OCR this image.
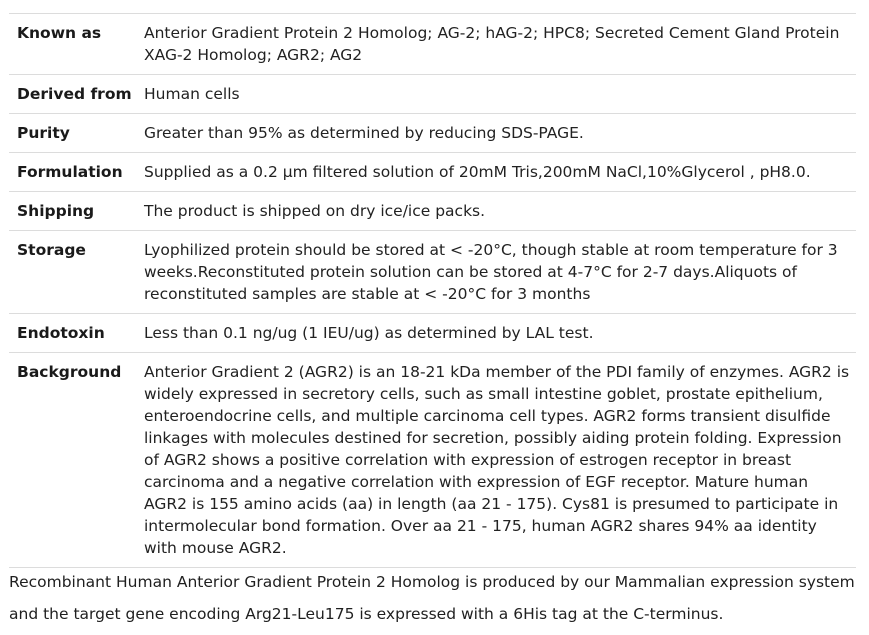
Known as	Anterior Gradient Protein 2 Homolog; AG-2; hAG-2; HPC8; Secreted Cement Gland Protein XAG-2 Homolog; AGR2; AG2
Derived from	Human cells
Purity	Greater than 95% as determined by reducing SDS-PAGE.
Formulation	Supplied as a 0.2 μm filtered solution of 20mM Tris,200mM NaCl,10%Glycerol , pH8.0.
Shipping	The product is shipped on dry ice/ice packs.
Storage	Lyophilized protein should be stored at < -20°C, though stable at room temperature for 3 weeks.Reconstituted protein solution can be stored at 4-7°C for 2-7 days.Aliquots of reconstituted samples are stable at < -20°C for 3 months
Endotoxin	Less than 0.1 ng/ug (1 IEU/ug) as determined by LAL test.
Background	Anterior Gradient 2 (AGR2) is an 18-21 kDa member of the PDI family of enzymes. AGR2 is widely expressed in secretory cells, such as small intestine goblet, prostate epithelium, enteroendocrine cells, and multiple carcinoma cell types. AGR2 forms transient disulfide linkages with molecules destined for secretion, possibly aiding protein folding. Expression of AGR2 shows a positive correlation with expression of estrogen receptor in breast carcinoma and a negative correlation with expression of EGF receptor. Mature human AGR2 is 155 amino acids (aa) in length (aa 21 - 175). Cys81 is presumed to participate in intermolecular bond formation. Over aa 21 - 175, human AGR2 shares 94% aa identity with mouse AGR2.

Recombinant Human Anterior Gradient Protein 2 Homolog is produced by our Mammalian expression system and the target gene encoding Arg21-Leu175 is expressed with a 6His tag at the C-terminus.
